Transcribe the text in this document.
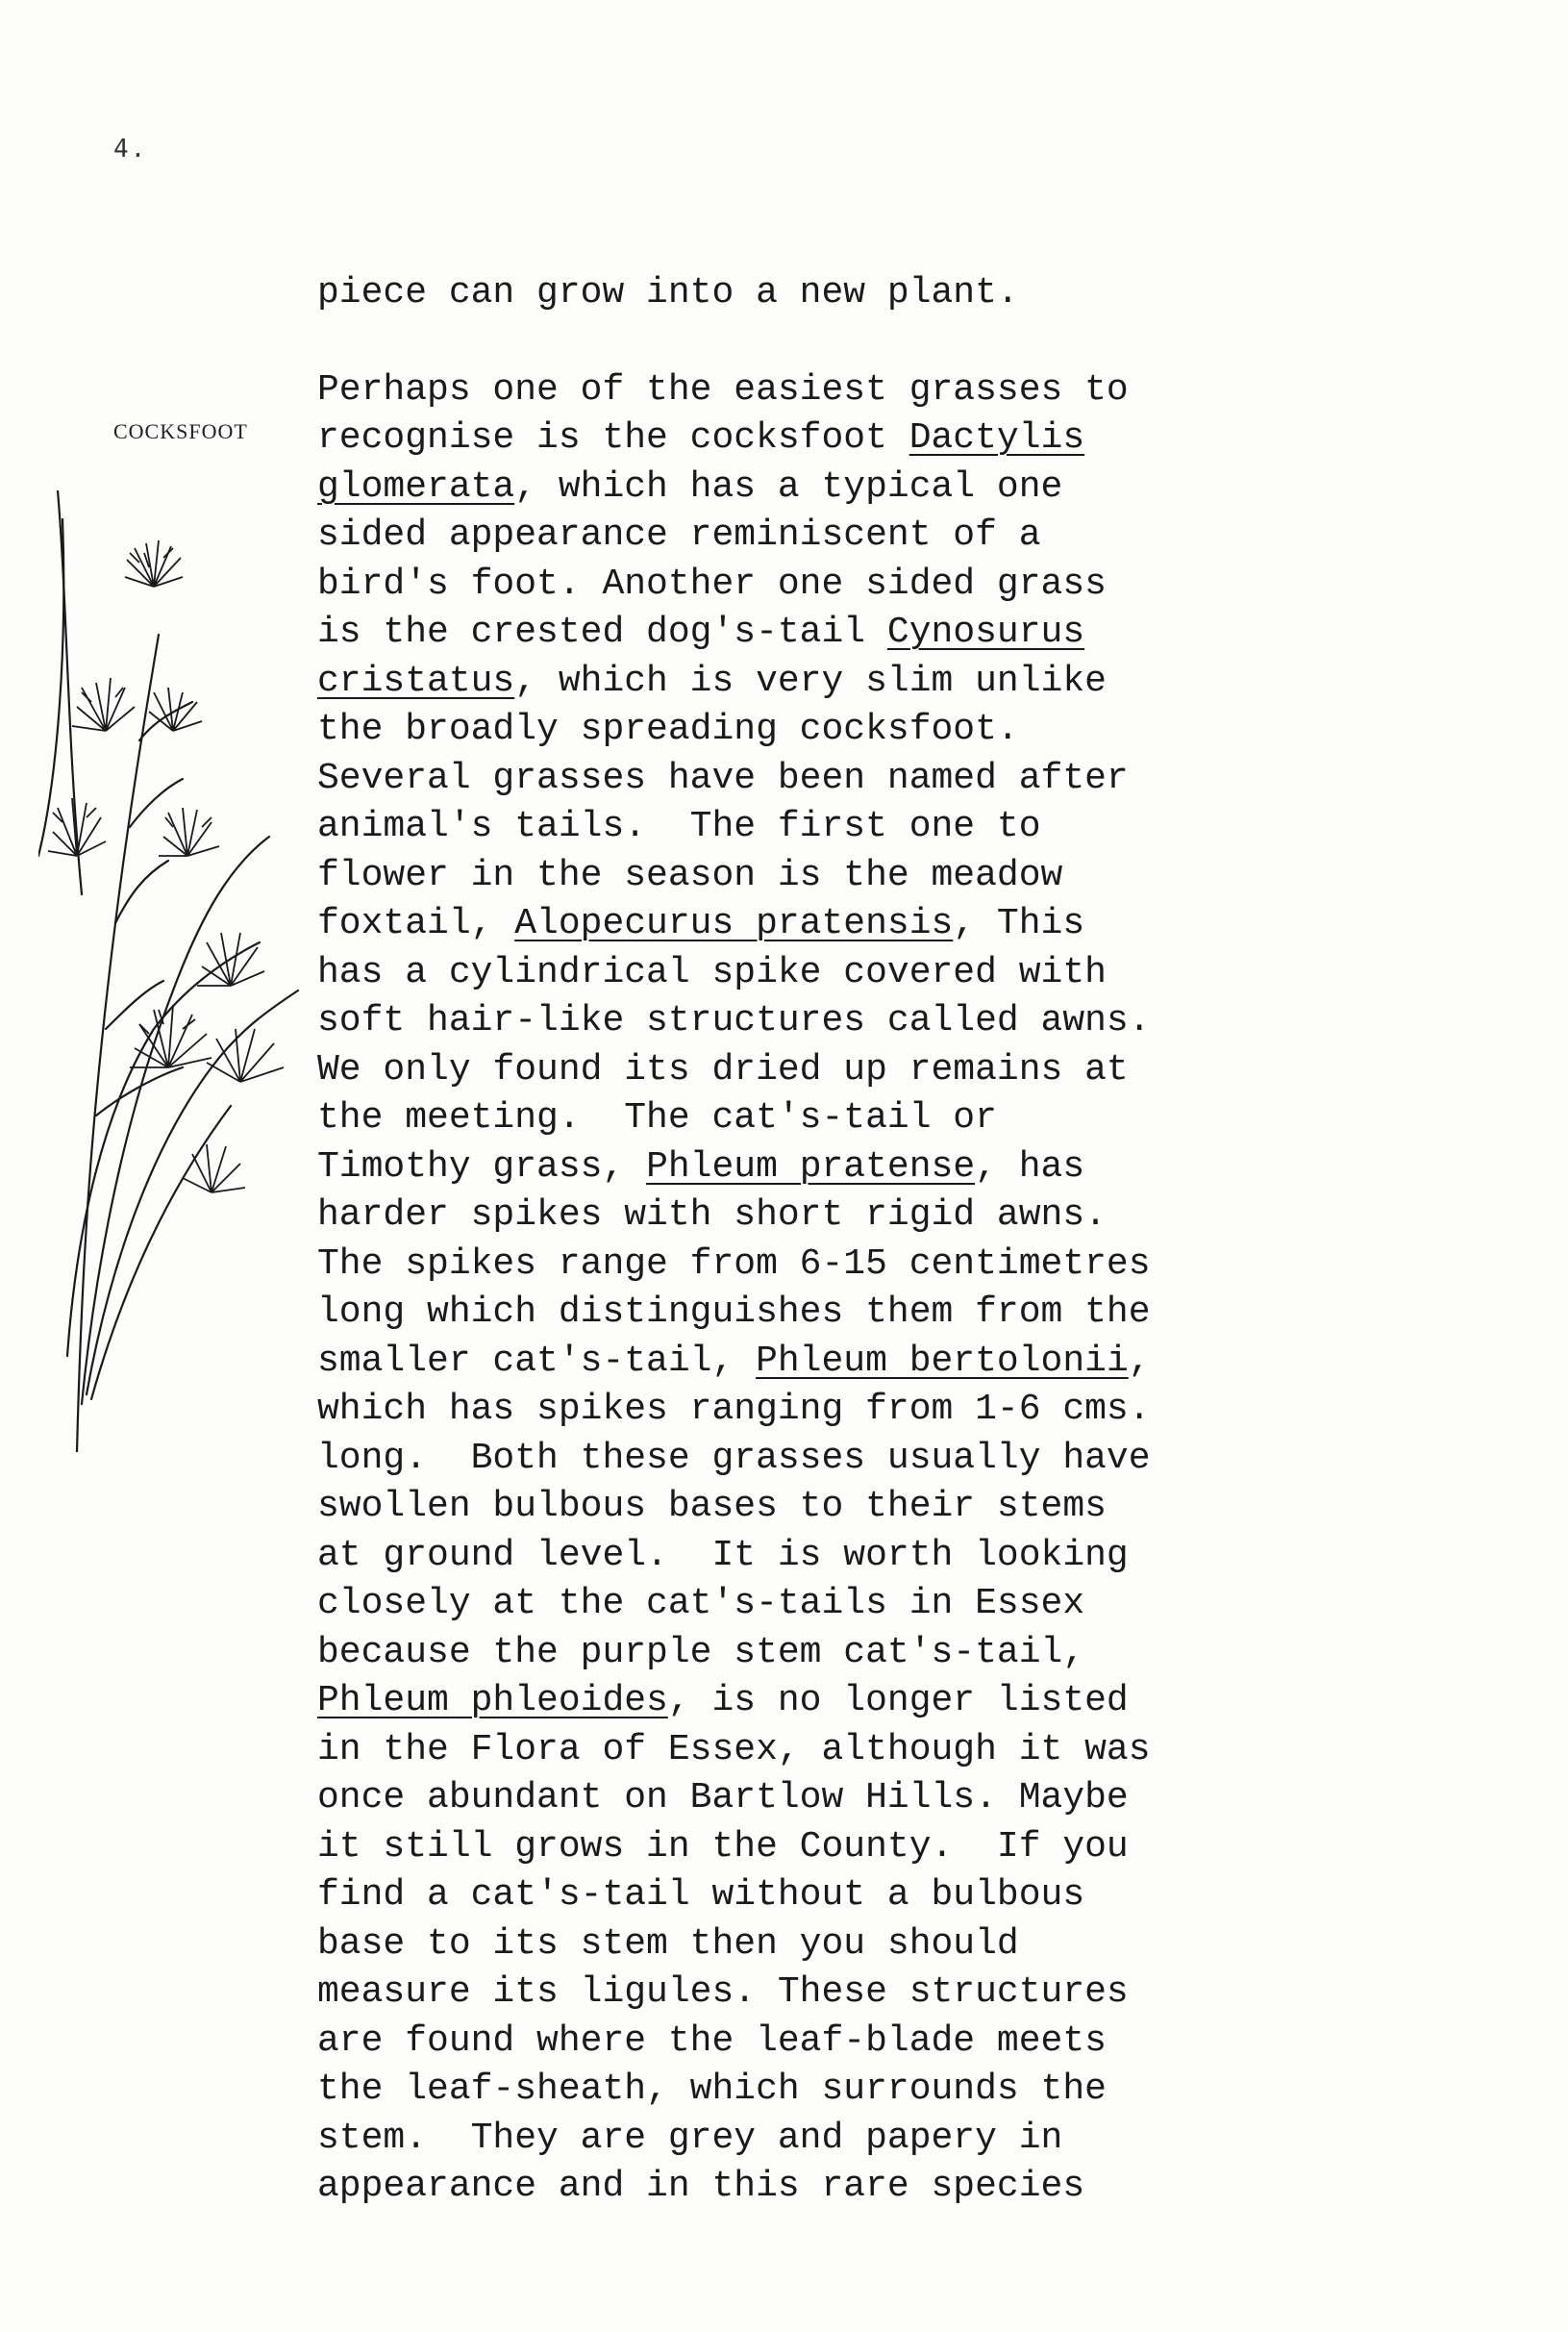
4.
COCKSFOOT

piece can grow into a new plant.

Perhaps one of the easiest grasses to

recognise is the cocksfoot Dactylis

glomerata, which has a typical one

sided appearance reminiscent of a

bird's foot. Another one sided grass

is the crested dog's-tail Cynosurus

cristatus, which is very slim unlike

the broadly spreading cocksfoot.

Several grasses have been named after

animal's tails.  The first one to

flower in the season is the meadow

foxtail, Alopecurus pratensis, This

has a cylindrical spike covered with

soft hair-like structures called awns.

We only found its dried up remains at

the meeting.  The cat's-tail or

Timothy grass, Phleum pratense, has

harder spikes with short rigid awns.

The spikes range from 6-15 centimetres

long which distinguishes them from the

smaller cat's-tail, Phleum bertolonii,

which has spikes ranging from 1-6 cms.

long.  Both these grasses usually have

swollen bulbous bases to their stems

at ground level.  It is worth looking

closely at the cat's-tails in Essex

because the purple stem cat's-tail,

Phleum phleoides, is no longer listed

in the Flora of Essex, although it was

once abundant on Bartlow Hills. Maybe

it still grows in the County.  If you

find a cat's-tail without a bulbous

base to its stem then you should

measure its ligules. These structures

are found where the leaf-blade meets

the leaf-sheath, which surrounds the

stem.  They are grey and papery in

appearance and in this rare species
